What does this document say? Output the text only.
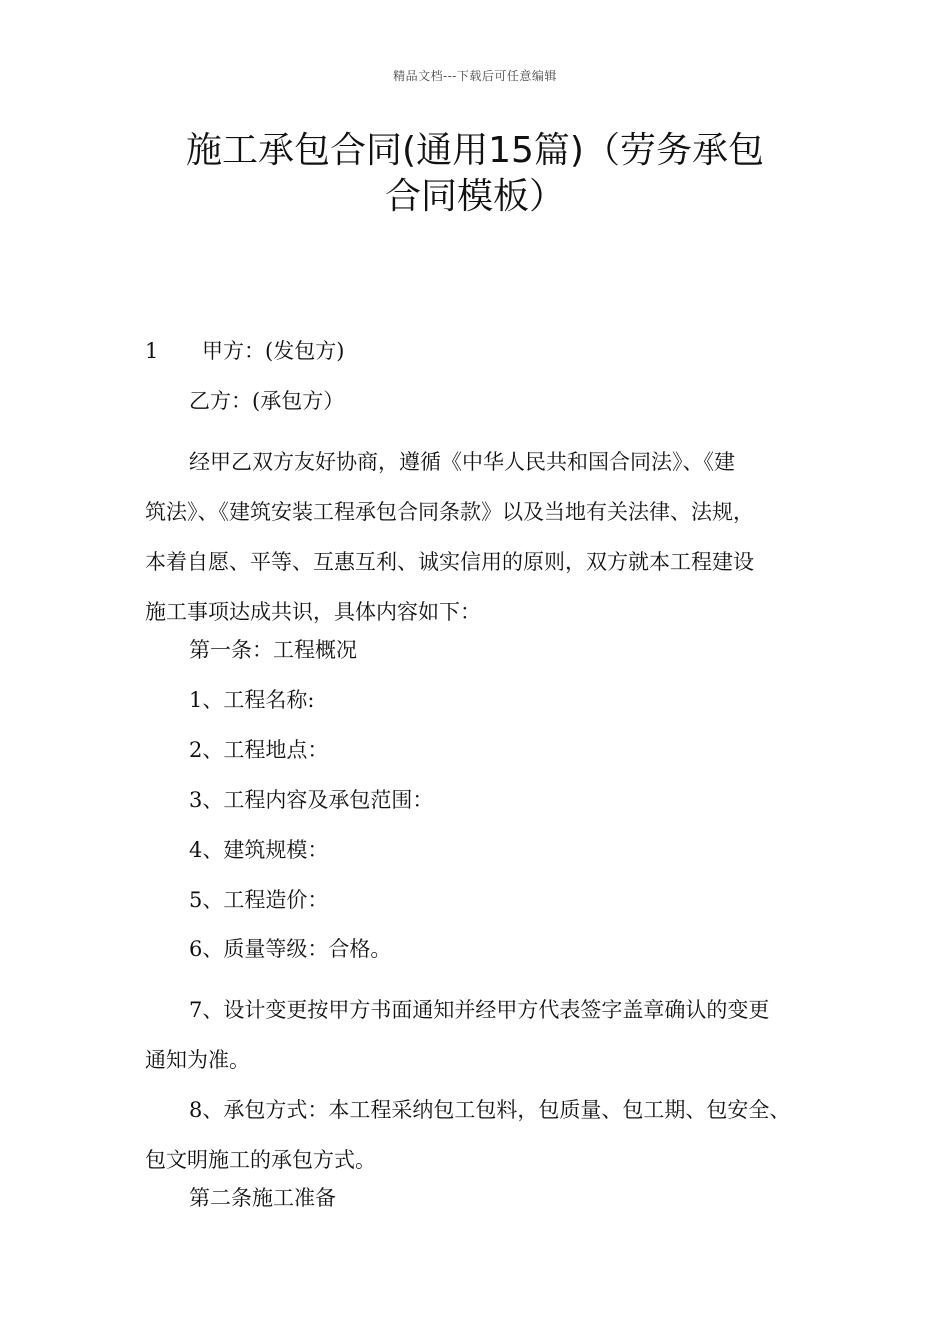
精品文档---下载后可任意编辑
施工承包合同(通用15篇)（劳务承包
合同模板）

1 甲方：(发包方)

乙方：(承包方）

经甲乙双方友好协商，遵循《中华人民共和国合同法》、《建
筑法》、《建筑安装工程承包合同条款》以及当地有关法律、法规，
本着自愿、平等、互惠互利、诚实信用的原则，双方就本工程建设
施工事项达成共识，具体内容如下：

第一条：工程概况

1、工程名称:

2、工程地点：

3、工程内容及承包范围：

4、建筑规模：

5、工程造价：

6、质量等级：合格。

7、设计变更按甲方书面通知并经甲方代表签字盖章确认的变更
通知为准。
8、承包方式：本工程采纳包工包料，包质量、包工期、包安全、
包文明施工的承包方式。

第二条施工准备
